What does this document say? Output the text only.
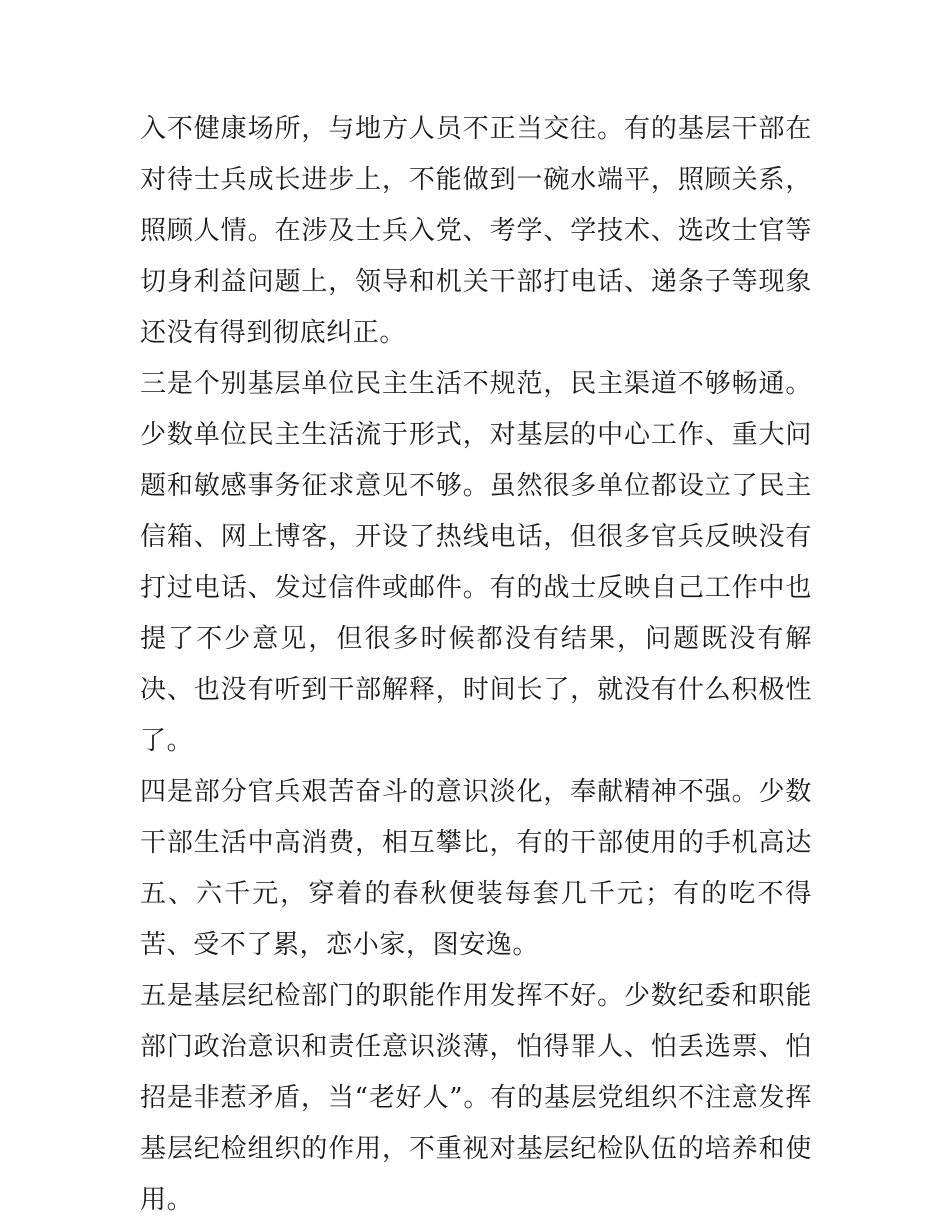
入不健康场所，与地方人员不正当交往。有的基层干部在对待士兵成长进步上，不能做到一碗水端平，照顾关系，照顾人情。在涉及士兵入党、考学、学技术、选改士官等切身利益问题上，领导和机关干部打电话、递条子等现象还没有得到彻底纠正。

三是个别基层单位民主生活不规范，民主渠道不够畅通。少数单位民主生活流于形式，对基层的中心工作、重大问题和敏感事务征求意见不够。虽然很多单位都设立了民主信箱、网上博客，开设了热线电话，但很多官兵反映没有打过电话、发过信件或邮件。有的战士反映自己工作中也提了不少意见，但很多时候都没有结果，问题既没有解决、也没有听到干部解释，时间长了，就没有什么积极性了。

四是部分官兵艰苦奋斗的意识淡化，奉献精神不强。少数干部生活中高消费，相互攀比，有的干部使用的手机高达五、六千元，穿着的春秋便装每套几千元；有的吃不得苦、受不了累，恋小家，图安逸。

五是基层纪检部门的职能作用发挥不好。少数纪委和职能部门政治意识和责任意识淡薄，怕得罪人、怕丢选票、怕招是非惹矛盾，当“老好人”。有的基层党组织不注意发挥基层纪检组织的作用，不重视对基层纪检队伍的培养和使用。
